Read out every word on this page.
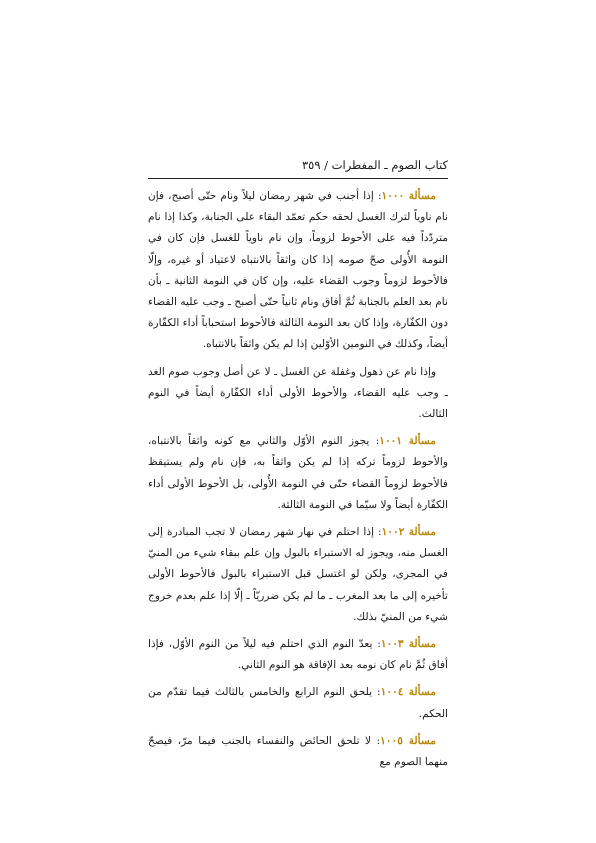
كتاب الصوم ـ المفطرات / ٣٥٩

مسألة ١٠٠٠: إذا أجنب في شهر رمضان ليلاً ونام حتّى أصبح، فإن نام ناوياً لترك الغسل لحقه حكم تعمّد البقاء على الجنابة، وكذا إذا نام متردّداً فيه على الأحوط لزوماً، وإن نام ناوياً للغسل فإن كان في النومة الأُولى صحّ صومه إذا كان واثقاً بالانتباه لاعتياد أو غيره، وإلّا فالأحوط لزوماً وجوب القضاء عليه، وإن كان في النومة الثانية ـ بأن نام بعد العلم بالجنابة ثُمَّ أفاق ونام ثانياً حتّى أصبح ـ وجب عليه القضاء دون الكفّارة، وإذا كان بعد النومة الثالثة فالأحوط استحباباً أداء الكفّارة أيضاً، وكذلك في النومين الأوّلين إذا لم يكن واثقاً بالانتباه.

وإذا نام عن ذهول وغفلة عن الغسل ـ لا عن أصل وجوب صوم الغد ـ وجب عليه القضاء، والأحوط الأولى أداء الكفّارة أيضاً في النوم الثالث.

مسألة ١٠٠١: يجوز النوم الأوّل والثاني مع كونه واثقاً بالانتباه، والأحوط لزوماً تركه إذا لم يكن واثقاً به، فإن نام ولم يستيقظ فالأحوط لزوماً القضاء حتّى في النومة الأُولى، بل الأحوط الأولى أداء الكفّارة أيضاً ولا سيّما في النومة الثالثة.

مسألة ١٠٠٢: إذا احتلم في نهار شهر رمضان لا تجب المبادرة إلى الغسل منه، ويجوز له الاستبراء بالبول وإن علم ببقاء شيء من المنيّ في المجرى، ولكن لو اغتسل قبل الاستبراء بالبول فالأحوط الأولى تأخيره إلى ما بعد المغرب ـ ما لم يكن ضرريّاً ـ إلّا إذا علم بعدم خروج شيء من المنيّ بذلك.

مسألة ١٠٠٣: يعدّ النوم الذي احتلم فيه ليلاً من النوم الأوّل، فإذا أفاق ثُمَّ نام كان نومه بعد الإفاقة هو النوم الثاني.

مسألة ١٠٠٤: يلحق النوم الرابع والخامس بالثالث فيما تقدّم من الحكم.

مسألة ١٠٠٥: لا تلحق الحائض والنفساء بالجنب فيما مرّ، فيصحّ منهما الصوم مع
